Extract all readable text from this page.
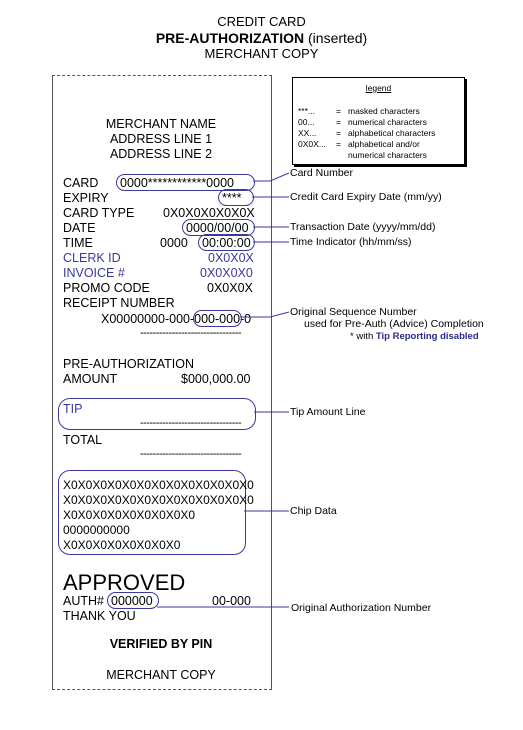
CREDIT CARD
PRE-AUTHORIZATION (inserted)
MERCHANT COPY
legend
***... = masked characters
00...	= numerical characters
XX... = alphabetical characters
0X0X... = alphabetical and/or
numerical characters
MERCHANT NAME
ADDRESS LINE 1
ADDRESS LINE 2
CARD 0000************0000
EXPIRY	****
CARD TYPE 0X0X0X0X0X0X
DATE	0000/00/00
TIME	0000 00:00:00
CLERK ID	0X0X0X
INVOICE #	0X0X0X0
PROMO CODE	0X0X0X
RECEIPT NUMBER
X00000000-000-000-000-0
--------------------------------
PRE-AUTHORIZATION
AMOUNT	$000,000.00
TIP
--------------------------------
TOTAL
--------------------------------
X0X0X0X0X0X0X0X0X0X0X0X0X0
X0X0X0X0X0X0X0X0X0X0X0X0X0
X0X0X0X0X0X0X0X0X0
0000000000
X0X0X0X0X0X0X0X0
APPROVED
AUTH# 000000	00-000
THANK YOU
VERIFIED BY PIN
MERCHANT COPY
Card Number
Credit Card Expiry Date (mm/yy)
Transaction Date (yyyy/mm/dd)
Time Indicator (hh/mm/ss)
Original Sequence Number
used for Pre-Auth (Advice) Completion
* with Tip Reporting disabled
Tip Amount Line
Chip Data
Original Authorization Number
